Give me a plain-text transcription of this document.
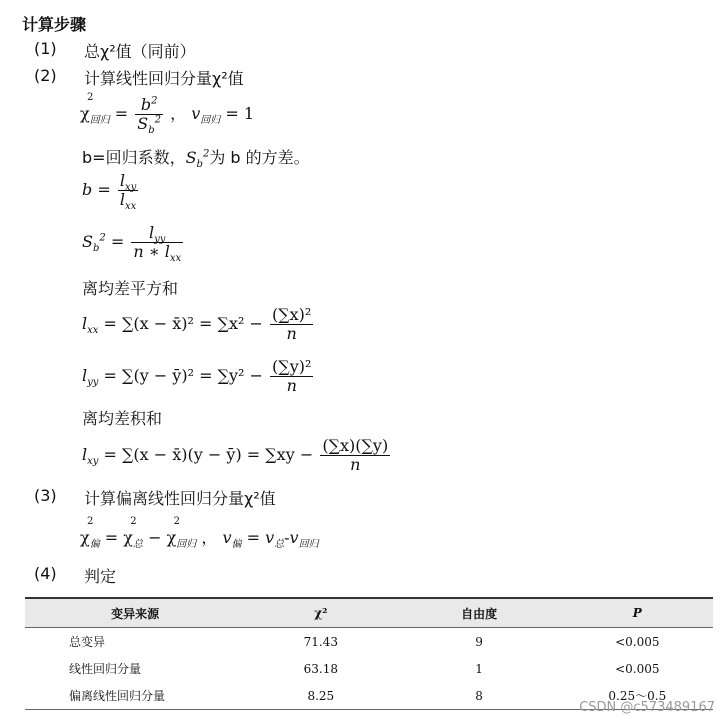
计算步骤
(1) 总χ²值（同前）
(2) 计算线性回归分量χ²值
χ
2
$_{回归} = \frac{b^2}{S_b^2}$ ， $v_{回归} = 1$
b=回归系数，$S_b^2$为 b 的方差。
$b = \frac{l_{xy}}{l_{xx}}$
$S_b^2 = \frac{l_{yy}}{n ∗ l_{xx}}$
离均差平方和
$l_{xx} = \sum(x$ − x̄)² = $\sum x^2 - \frac{\text{(∑x)²}}{n}$
$l_{yy} = \sum(y$ − ȳ)² = $\sum y^2 - \frac{\text{(∑y)²}}{n}$
离均差积和
$l_{xy} = \sum(x$ − x̄)(y − ȳ) = $\sum xy - \frac{(\sum x)(\sum y)}{n}$
(3) 计算偏离线性回归分量χ²值
χ
2
$_偏$ = χ
2
$_总$ − χ
2
$_{回归}$ ， $v_偏 = v_总-v_{回归}$
(4) 判定
变异来源	χ²	自由度	P
总变异	71.43	9	<0.005
线性回归分量	63.18	1	<0.005
偏离线性回归分量	8.25	8	0.25～0.5
CSDN @c573489167
